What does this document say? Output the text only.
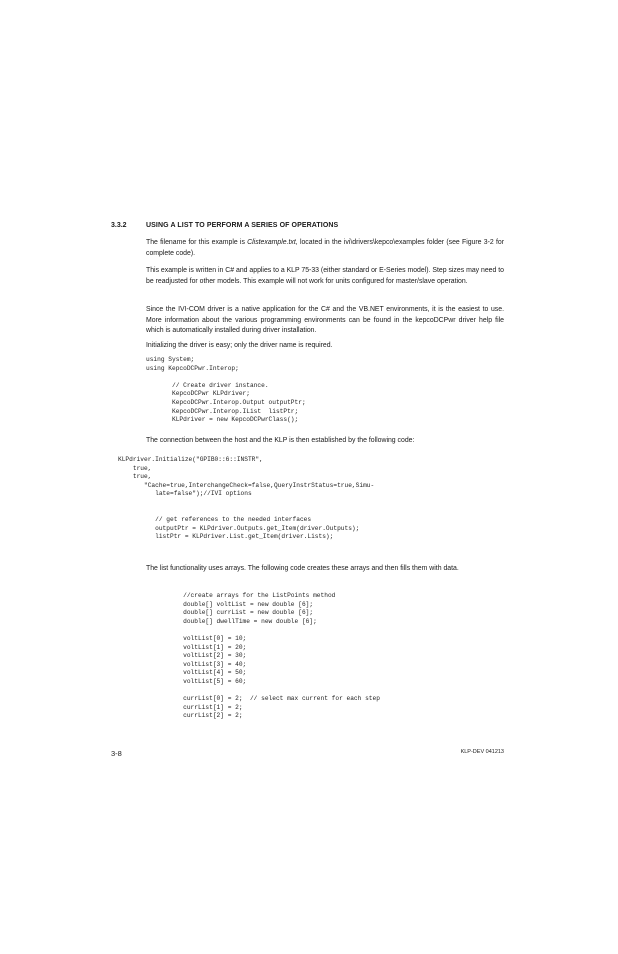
3.3.2	USING A LIST TO PERFORM A SERIES OF OPERATIONS

The filename for this example is Clistexample.txt, located in the ivi\drivers\kepco\examples folder (see Figure 3-2 for complete code).

This example is written in C# and applies to a KLP 75-33 (either standard or E-Series model). Step sizes may need to be readjusted for other models. This example will not work for units configured for master/slave operation.

Since the IVI-COM driver is a native application for the C# and the VB.NET environments, it is the easiest to use. More information about the various programming environments can be found in the kepcoDCPwr driver help file which is automatically installed during driver installation.

Initializing the driver is easy; only the driver name is required.

using System;
using KepcoDCPwr.Interop;
// Create driver instance.
KepcoDCPwr KLPdriver;
KepcoDCPwr.Interop.Output outputPtr;
KepcoDCPwr.Interop.IList  listPtr;
KLPdriver = new KepcoDCPwrClass();

The connection between the host and the KLP is then established by the following code:

KLPdriver.Initialize("GPIB0::6::INSTR",
true,
true,
"Cache=true,InterchangeCheck=false,QueryInstrStatus=true,Simu-
late=false");//IVI options
// get references to the needed interfaces
outputPtr = KLPdriver.Outputs.get_Item(driver.Outputs);
listPtr = KLPdriver.List.get_Item(driver.Lists);

The list functionality uses arrays. The following code creates these arrays and then fills them with data.

//create arrays for the ListPoints method
double[] voltList = new double [6];
double[] currList = new double [6];
double[] dwellTime = new double [6];
voltList[0] = 10;
voltList[1] = 20;
voltList[2] = 30;
voltList[3] = 40;
voltList[4] = 50;
voltList[5] = 60;
currList[0] = 2;  // select max current for each step
currList[1] = 2;
currList[2] = 2;
3-8	KLP-DEV 041213
